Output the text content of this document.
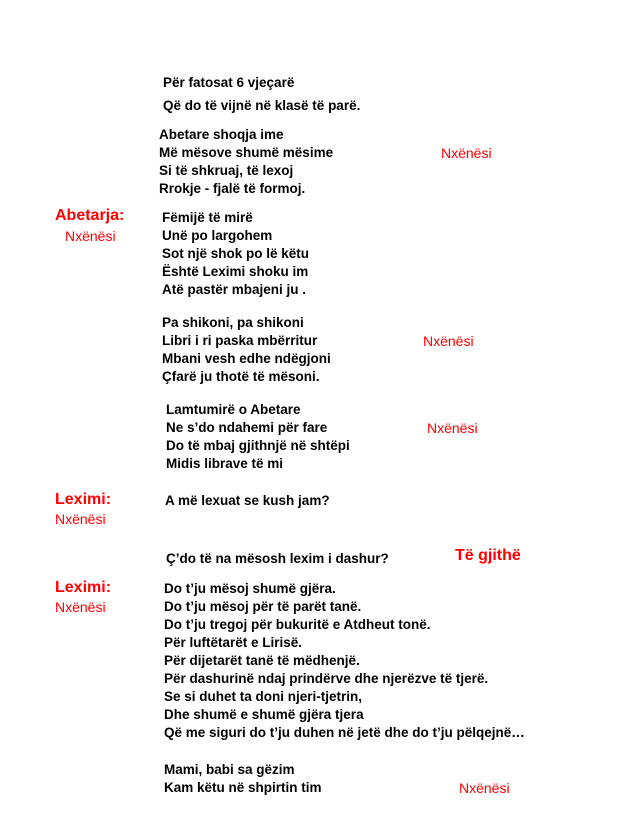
Për fatosat 6 vjeçarë
Që do të vijnë në klasë të parë.
Abetare shoqja ime
Më mësove shumë mësime
Si të shkruaj, të lexoj
Rrokje - fjalë të formoj.
Nxënësi
Abetarja:
Nxënësi
Fëmijë të mirë
Unë po largohem
Sot një shok po lë këtu
Është Leximi shoku im
Atë pastër mbajeni ju .
Pa shikoni, pa shikoni
Libri i ri paska mbërritur
Mbani vesh edhe ndëgjoni
Çfarë ju thotë të mësoni.
Nxënësi
Lamtumirë o Abetare
Ne s’do ndahemi për fare
Do të mbaj gjithnjë në shtëpi
Midis librave të mi
Nxënësi
Leximi:
Nxënësi
A më lexuat se kush jam?
Ç’do të na mësosh lexim i dashur?	Të gjithë
Leximi:
Nxënësi
Do t’ju mësoj shumë gjëra.
Do t’ju mësoj për të parët tanë.
Do t’ju tregoj për bukuritë e Atdheut tonë.
Për luftëtarët e Lirisë.
Për dijetarët tanë të mëdhenjë.
Për dashurinë ndaj prindërve dhe njerëzve të tjerë.
Se si duhet ta doni njeri-tjetrin,
Dhe shumë e shumë gjëra tjera
Që me siguri do t’ju duhen në jetë dhe do t’ju pëlqejnë…
Mami, babi sa gëzim
Kam këtu në shpirtin tim	Nxënësi
